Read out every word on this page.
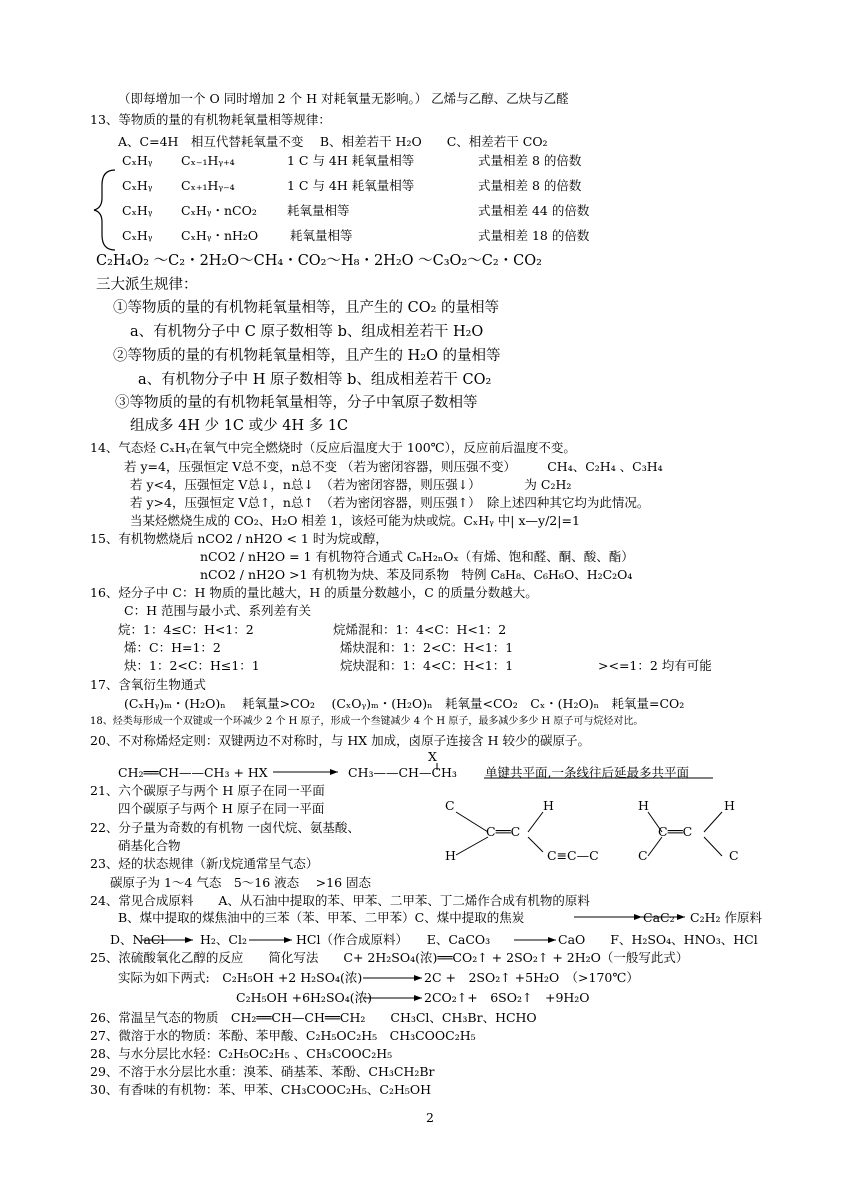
（即每增加一个 O 同时增加 2 个 H 对耗氧量无影响。） 乙烯与乙醇、乙炔与乙醛
13、等物质的量的有机物耗氧量相等规律：
A、C=4H　相互代替耗氧量不变　 B、相差若干 H₂O　　C、相差若干 CO₂
CₓHᵧ Cₓ₋₁Hᵧ₊₄	1 C 与 4H 耗氧量相等	式量相差 8 的倍数
CₓHᵧ Cₓ₊₁Hᵧ₋₄	1 C 与 4H 耗氧量相等	式量相差 8 的倍数
CₓHᵧ CₓHᵧ・nCO₂ 耗氧量相等	式量相差 44 的倍数
CₓHᵧ CₓHᵧ・nH₂O	耗氧量相等	式量相差 18 的倍数
C₂H₄O₂ ～C₂・2H₂O～CH₄・CO₂～H₈・2H₂O ～C₃O₂～C₂・CO₂
三大派生规律：
①等物质的量的有机物耗氧量相等，且产生的 CO₂ 的量相等
a、有机物分子中 C 原子数相等 b、组成相差若干 H₂O
②等物质的量的有机物耗氧量相等，且产生的 H₂O 的量相等
a、有机物分子中 H 原子数相等 b、组成相差若干 CO₂
③等物质的量的有机物耗氧量相等，分子中氧原子数相等
组成多 4H 少 1C 或少 4H 多 1C
14、气态烃 CₓHᵧ在氧气中完全燃烧时（反应后温度大于 100℃），反应前后温度不变。
若 y=4，压强恒定 V总不变，n总不变 （若为密闭容器，则压强不变）　　　CH₄、C₂H₄ 、C₃H₄
若 y<4，压强恒定 V总↓，n总↓　（若为密闭容器，则压强↓）　　　　为 C₂H₂
若 y>4，压强恒定 V总↑，n总↑　（若为密闭容器，则压强↑）　除上述四种其它均为此情况。
当某烃燃烧生成的 CO₂、H₂O 相差 1，该烃可能为炔或烷。CₓHᵧ 中| x—y/2|=1
15、有机物燃烧后 nCO2 / nH2O < 1 时为烷或醇，
nCO2 / nH2O = 1 有机物符合通式 CₙH₂ₙOₓ（有烯、饱和醛、酮、酸、酯）
nCO2 / nH2O >1 有机物为炔、苯及同系物　特例 C₈H₈、C₆H₆O、H₂C₂O₄
16、烃分子中 C：H 物质的量比越大，H 的质量分数越小，C 的质量分数越大。
C：H 范围与最小式、系列差有关
烷：1：4≤C：H<1：2	烷烯混和：1：4<C：H<1：2
烯：C：H=1：2	烯炔混和：1：2<C：H<1：1
炔：1：2<C：H≤1：1	烷炔混和：1：4<C：H<1：1	><=1：2 均有可能
17、含氧衍生物通式
(CₓHᵧ)ₘ・(H₂O)ₙ　 耗氧量>CO₂　 (CₓOᵧ)ₘ・(H₂O)ₙ　耗氧量<CO₂　Cₓ・(H₂O)ₙ　耗氧量=CO₂
18、烃类每形成一个双键或一个环减少 2 个 H 原子，形成一个叁键减少 4 个 H 原子，最多减少多少 H 原子可与烷烃对比。
20、不对称烯烃定则：双键两边不对称时，与 HX 加成，卤原子连接含 H 较少的碳原子。
CH₂══CH——CH₃ + HX	CH₃——CH—CH₃
X
单键共平面,一条线往后延最多共平面
21、六个碳原子与两个 H 原子在同一平面
四个碳原子与两个 H 原子在同一平面
22、分子量为奇数的有机物 一卤代烷、氨基酸、
硝基化合物
23、烃的状态规律（新戊烷通常呈气态）
碳原子为 1～4 气态　5～16 液态　 >16 固态
C	H
C══C
H	C≡C—C
H	H
C══C
C	C
24、常见合成原料　　A、从石油中提取的苯、甲苯、二甲苯、丁二烯作合成有机物的原料
B、煤中提取的煤焦油中的三苯（苯、甲苯、二甲苯）C、煤中提取的焦炭	CaC₂ C₂H₂ 作原料
D、NaCl	H₂、Cl₂	HCl（作合成原料）　　E、CaCO₃	CaO　　F、H₂SO₄、HNO₃、HCl
25、浓硫酸氧化乙醇的反应　　简化写法　　C+ 2H₂SO₄(浓)══CO₂↑ + 2SO₂↑ + 2H₂O（一般写此式）
实际为如下两式:　C₂H₅OH +2 H₂SO₄(浓)	2C +　2SO₂↑ +5H₂O　（>170℃）
C₂H₅OH +6H₂SO₄(浓)	2CO₂↑+　6SO₂↑　+9H₂O
26、常温呈气态的物质　CH₂══CH—CH══CH₂　　CH₃Cl、CH₃Br、HCHO
27、微溶于水的物质：苯酚、苯甲酸、C₂H₅OC₂H₅　CH₃COOC₂H₅
28、与水分层比水轻：C₂H₅OC₂H₅ 、CH₃COOC₂H₅
29、不溶于水分层比水重：溴苯、硝基苯、苯酚、CH₃CH₂Br
30、有香味的有机物：苯、甲苯、CH₃COOC₂H₅、C₂H₅OH
2
